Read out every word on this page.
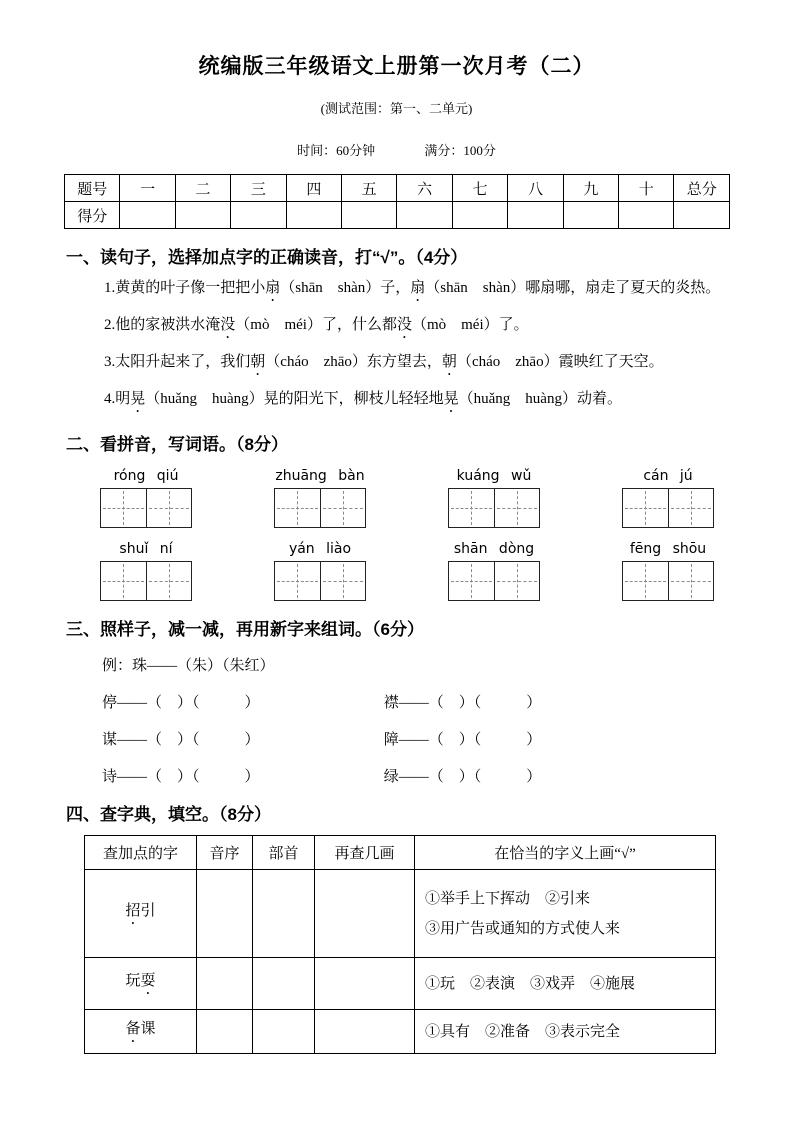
统编版三年级语文上册第一次月考（二）
(测试范围：第一、二单元)
时间：60分钟	满分：100分
题号	一	二	三	四	五	六	七	八	九	十	总分
得分											
一、读句子，选择加点字的正确读音，打“√”。（4分）
1.黄黄的叶子像一把把小扇（shān　shàn）子，扇（shān　shàn）哪扇哪，扇走了夏天的炎热。
2.他的家被洪水淹没（mò　méi）了，什么都没（mò　méi）了。
3.太阳升起来了，我们朝（cháo　zhāo）东方望去，朝（cháo　zhāo）霞映红了天空。
4.明晃（huǎng　huàng）晃的阳光下，柳枝儿轻轻地晃（huǎng　huàng）动着。
二、看拼音，写词语。（8分）
róng qiú	zhuāng bàn	kuáng wǔ	cán jú
shuǐ ní	yán liào	shān dòng	fēng shōu
三、照样子，减一减，再用新字来组词。（6分）
例：珠——（朱）（朱红）
停——（　）（　　　）	襟——（　）（　　　）
谋——（　）（　　　）	障——（　）（　　　）
诗——（　）（　　　）	绿——（　）（　　　）
四、查字典，填空。（8分）
查加点的字	音序	部首	再查几画	在恰当的字义上画“√”
招引				①举手上下挥动　②引来
③用广告或通知的方式使人来

玩耍				①玩　②表演　③戏弄　④施展

备课				①具有　②准备　③表示完全
